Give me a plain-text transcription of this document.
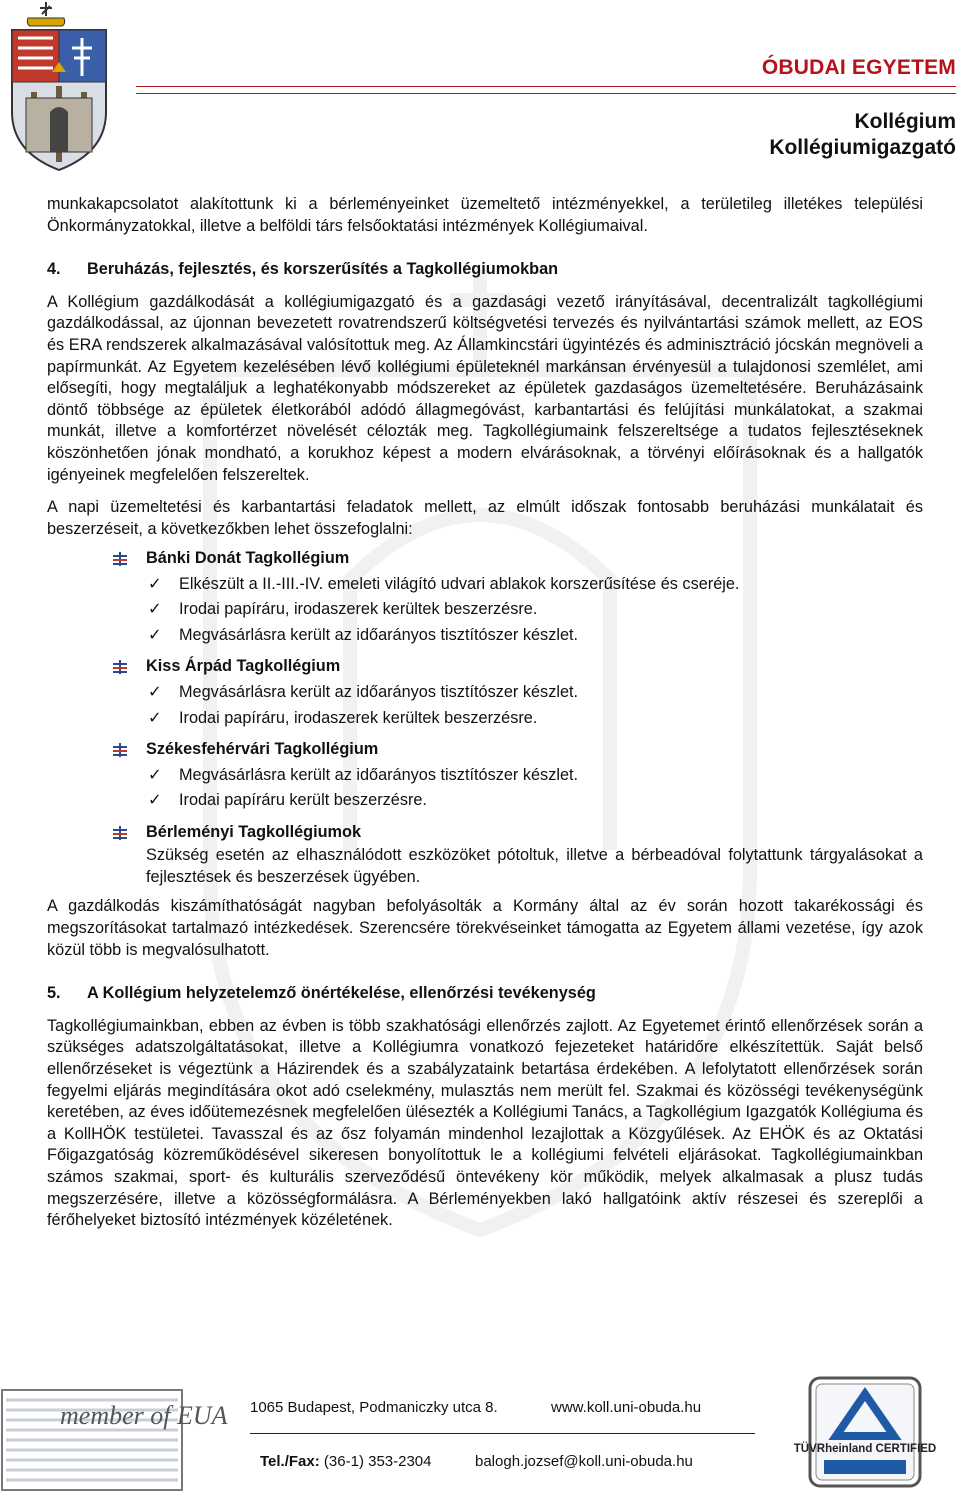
ÓBUDAI EGYETEM
Kollégium
Kollégiumigazgató

munkakapcsolatot alakítottunk ki a bérleményeinket üzemeltető intézményekkel, a területileg illetékes települési Önkormányzatokkal, illetve a belföldi társ felsőoktatási intézmények Kollégiumaival.

4. Beruházás, fejlesztés, és korszerűsítés a Tagkollégiumokban

A Kollégium gazdálkodását a kollégiumigazgató és a gazdasági vezető irányításával, decentralizált tagkollégiumi gazdálkodással, az újonnan bevezetett rovatrendszerű költségvetési tervezés és nyilvántartási számok mellett, az EOS és ERA rendszerek alkalmazásával valósítottuk meg. Az Államkincstári ügyintézés és adminisztráció jócskán megnöveli a papírmunkát. Az Egyetem kezelésében lévő kollégiumi épületeknél markánsan érvényesül a tulajdonosi szemlélet, ami elősegíti, hogy megtaláljuk a leghatékonyabb módszereket az épületek gazdaságos üzemeltetésére. Beruházásaink döntő többsége az épületek életkorából adódó állagmegóvást, karbantartási és felújítási munkálatokat, a szakmai munkát, illetve a komfortérzet növelését célozták meg. Tagkollégiumaink felszereltsége a tudatos fejlesztéseknek köszönhetően jónak mondható, a korukhoz képest a modern elvárásoknak, a törvényi előírásoknak és a hallgatók igényeinek megfelelően felszereltek.

A napi üzemeltetési és karbantartási feladatok mellett, az elmúlt időszak fontosabb beruházási munkálatait és beszerzéseit, a következőkben lehet összefoglalni:

Bánki Donát Tagkollégium
✓ Elkészült a II.-III.-IV. emeleti világító udvari ablakok korszerűsítése és cseréje.
✓ Irodai papíráru, irodaszerek kerültek beszerzésre.
✓ Megvásárlásra került az időarányos tisztítószer készlet.
Kiss Árpád Tagkollégium
✓ Megvásárlásra került az időarányos tisztítószer készlet.
✓ Irodai papíráru, irodaszerek kerültek beszerzésre.
Székesfehérvári Tagkollégium
✓ Megvásárlásra került az időarányos tisztítószer készlet.
✓ Irodai papíráru került beszerzésre.
Bérleményi Tagkollégiumok
Szükség esetén az elhasználódott eszközöket pótoltuk, illetve a bérbeadóval folytattunk tárgyalásokat a fejlesztések és beszerzések ügyében.

A gazdálkodás kiszámíthatóságát nagyban befolyásolták a Kormány által az év során hozott takarékossági és megszorításokat tartalmazó intézkedések. Szerencsére törekvéseinket támogatta az Egyetem állami vezetése, így azok közül több is megvalósulhatott.

5. A Kollégium helyzetelemző önértékelése, ellenőrzési tevékenység

Tagkollégiumainkban, ebben az évben is több szakhatósági ellenőrzés zajlott. Az Egyetemet érintő ellenőrzések során a szükséges adatszolgáltatásokat, illetve a Kollégiumra vonatkozó fejezeteket határidőre elkészítettük. Saját belső ellenőrzéseket is végeztünk a Házirendek és a szabályzataink betartása érdekében. A lefolytatott ellenőrzések során fegyelmi eljárás megindítására okot adó cselekmény, mulasztás nem merült fel. Szakmai és közösségi tevékenységünk keretében, az éves időütemezésnek megfelelően ülésezték a Kollégiumi Tanács, a Tagkollégium Igazgatók Kollégiuma és a KollHÖK testületei. Tavasszal és az ősz folyamán mindenhol lezajlottak a Közgyűlések. Az EHÖK és az Oktatási Főigazgatóság közreműködésével sikeresen bonyolítottuk le a kollégiumi felvételi eljárásokat. Tagkollégiumainkban számos szakmai, sport- és kulturális szerveződésű öntevékeny kör működik, melyek alkalmasak a plusz tudás megszerzésére, illetve a közösségformálásra. A Bérleményekben lakó hallgatóink aktív részesei és szereplői a férőhelyeket biztosító intézmények közéletének.

member of EUA 1065 Budapest, Podmaniczky utca 8.	www.koll.uni-obuda.hu
Tel./Fax: (36-1) 353-2304	balogh.jozsef@koll.uni-obuda.hu
TÜVRheinland CERTIFIED
